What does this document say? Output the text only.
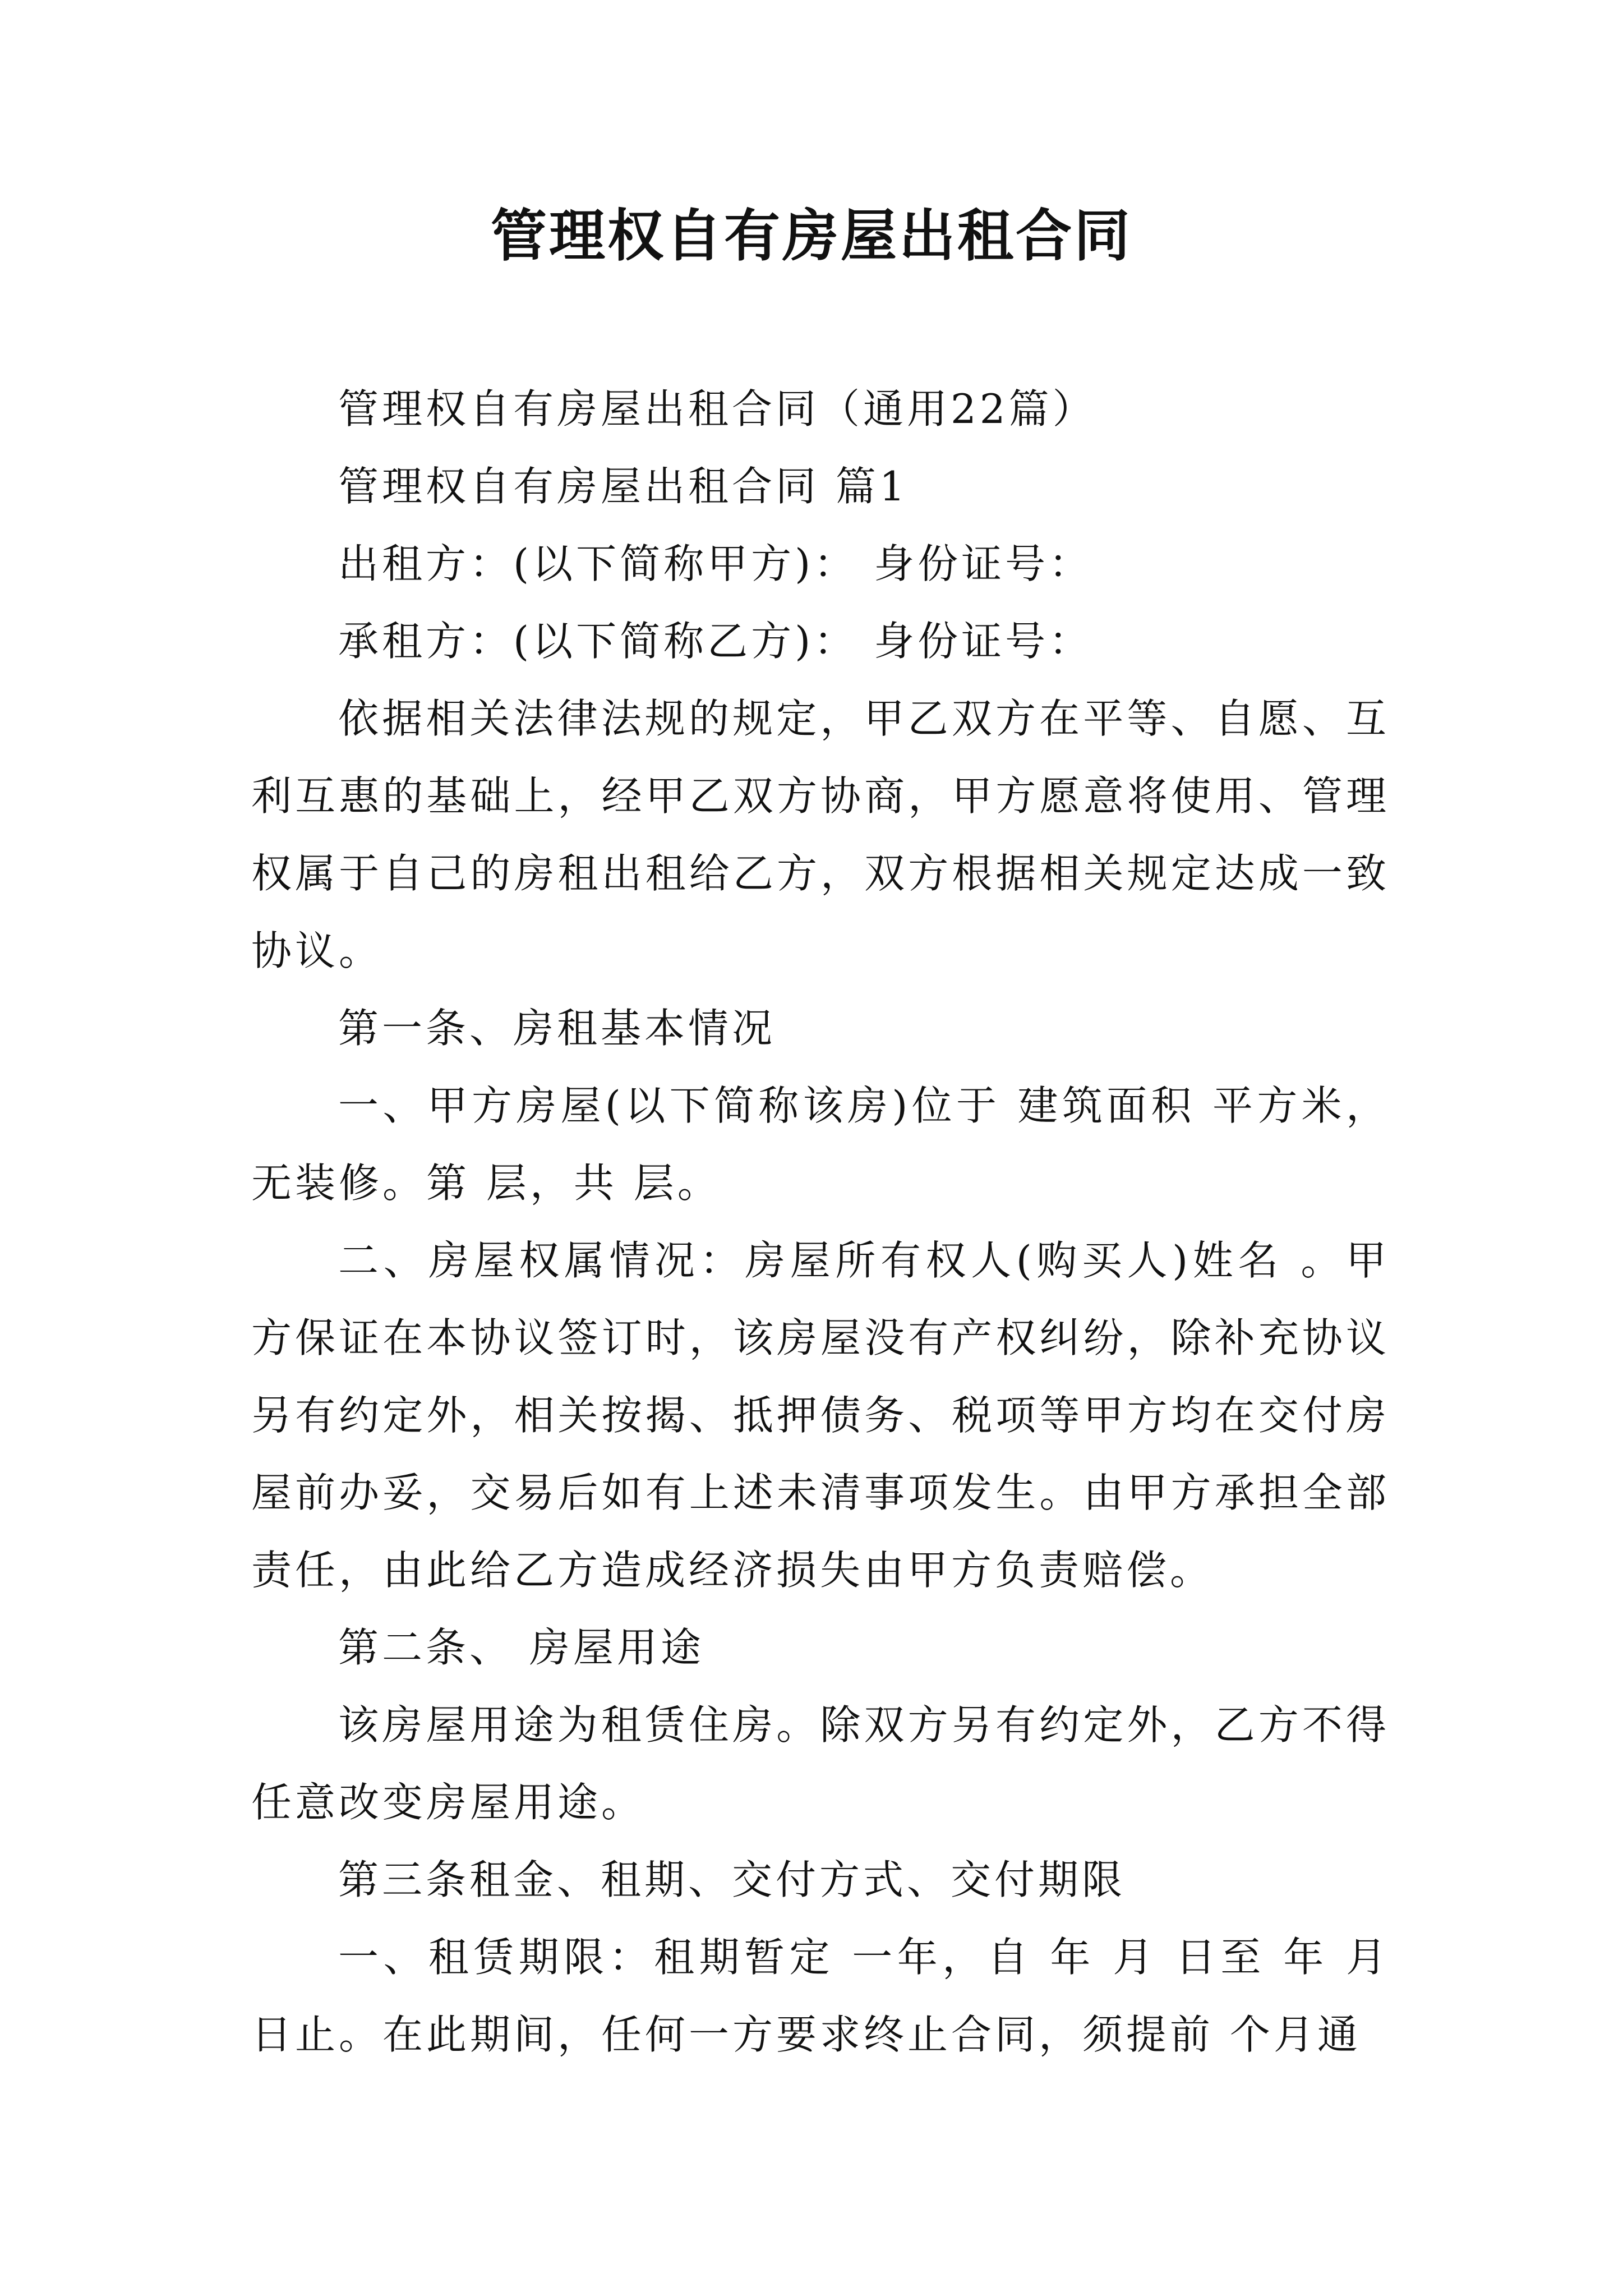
管理权自有房屋出租合同

管理权自有房屋出租合同（通用22篇）

管理权自有房屋出租合同 篇1

出租方：(以下简称甲方)： 身份证号：

承租方：(以下简称乙方)： 身份证号：

依据相关法律法规的规定，甲乙双方在平等、自愿、互利互惠的基础上，经甲乙双方协商，甲方愿意将使用、管理权属于自己的房租出租给乙方，双方根据相关规定达成一致协议。

第一条、房租基本情况

一、甲方房屋(以下简称该房)位于 建筑面积 平方米，无装修。第 层，共 层。

二、房屋权属情况：房屋所有权人(购买人)姓名 。甲方保证在本协议签订时，该房屋没有产权纠纷，除补充协议另有约定外，相关按揭、抵押债务、税项等甲方均在交付房屋前办妥，交易后如有上述未清事项发生。由甲方承担全部责任，由此给乙方造成经济损失由甲方负责赔偿。

第二条、 房屋用途

该房屋用途为租赁住房。除双方另有约定外，乙方不得任意改变房屋用途。

第三条租金、租期、交付方式、交付期限

一、租赁期限：租期暂定 一年，自 年 月 日至 年 月日止。在此期间，任何一方要求终止合同，须提前 个月通
